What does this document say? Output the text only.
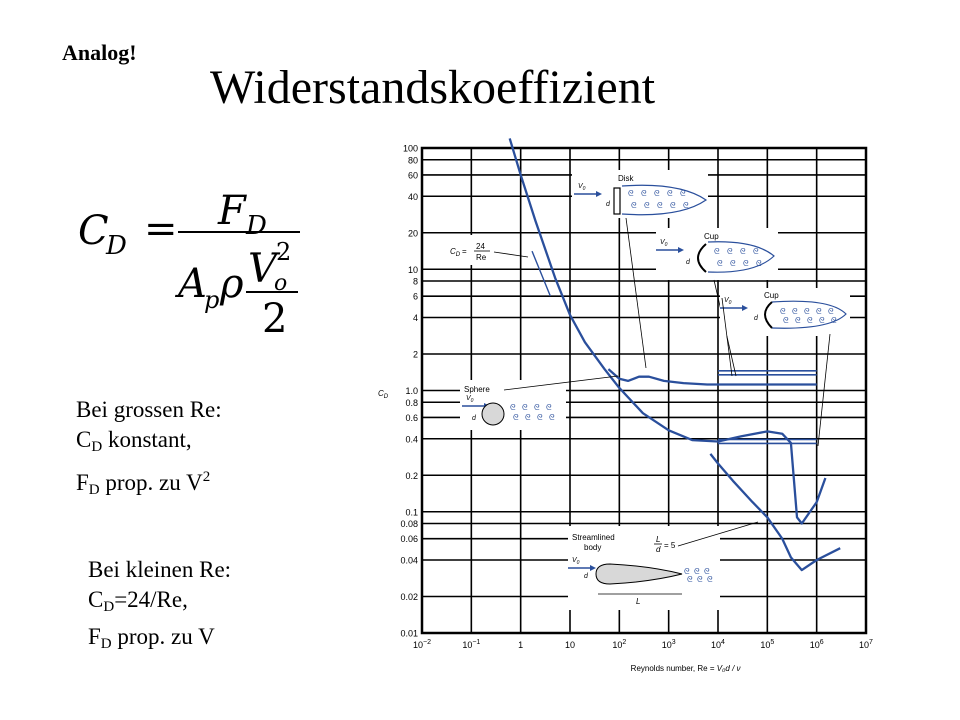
Analog!
Widerstandskoeffizient
C
D = F D
A
p ρ V
o
2
2
Bei grossen Re:
$C_D$ konstant,
$F_D$ prop. zu $V^2$
Bei kleinen Re:
$C_D=24/Re$,
$F_D$ prop. zu V
100
80
60
40
20
10
8
6
4
2
1.0
0.8
0.6
0.4
0.2
0.1
0.08
0.06
0.04
0.02
0.01
$10^{-2}$	$10^{-1}$	1	10	$10^2$	$10^3$	$10^4$	$10^5$	$10^6$	$10^7$
$C_D$
Reynolds number, Re = V₀d / ν
$C_D$ =
24
Re
Disk
$V_0$
d
ᘓ ᘓ ᘓ ᘓ ᘓ
ᘓ ᘓ ᘓ ᘓ ᘓ
Cup
$V_0$
d
ᘓ ᘓ ᘓ ᘓ
ᘓ ᘓ ᘓ ᘓ
Cup
$V_0$
d
ᘓ ᘓ ᘓ ᘓ ᘓ
ᘓ ᘓ ᘓ ᘓ ᘓ
Sphere
$V_0$
d
ᘓ ᘓ ᘓ ᘓ
ᘓ ᘓ ᘓ ᘓ
Streamlined
body
L
d = 5
$V_0$
d
ᘓ ᘓ ᘓ
ᘓ ᘓ ᘓ
L
